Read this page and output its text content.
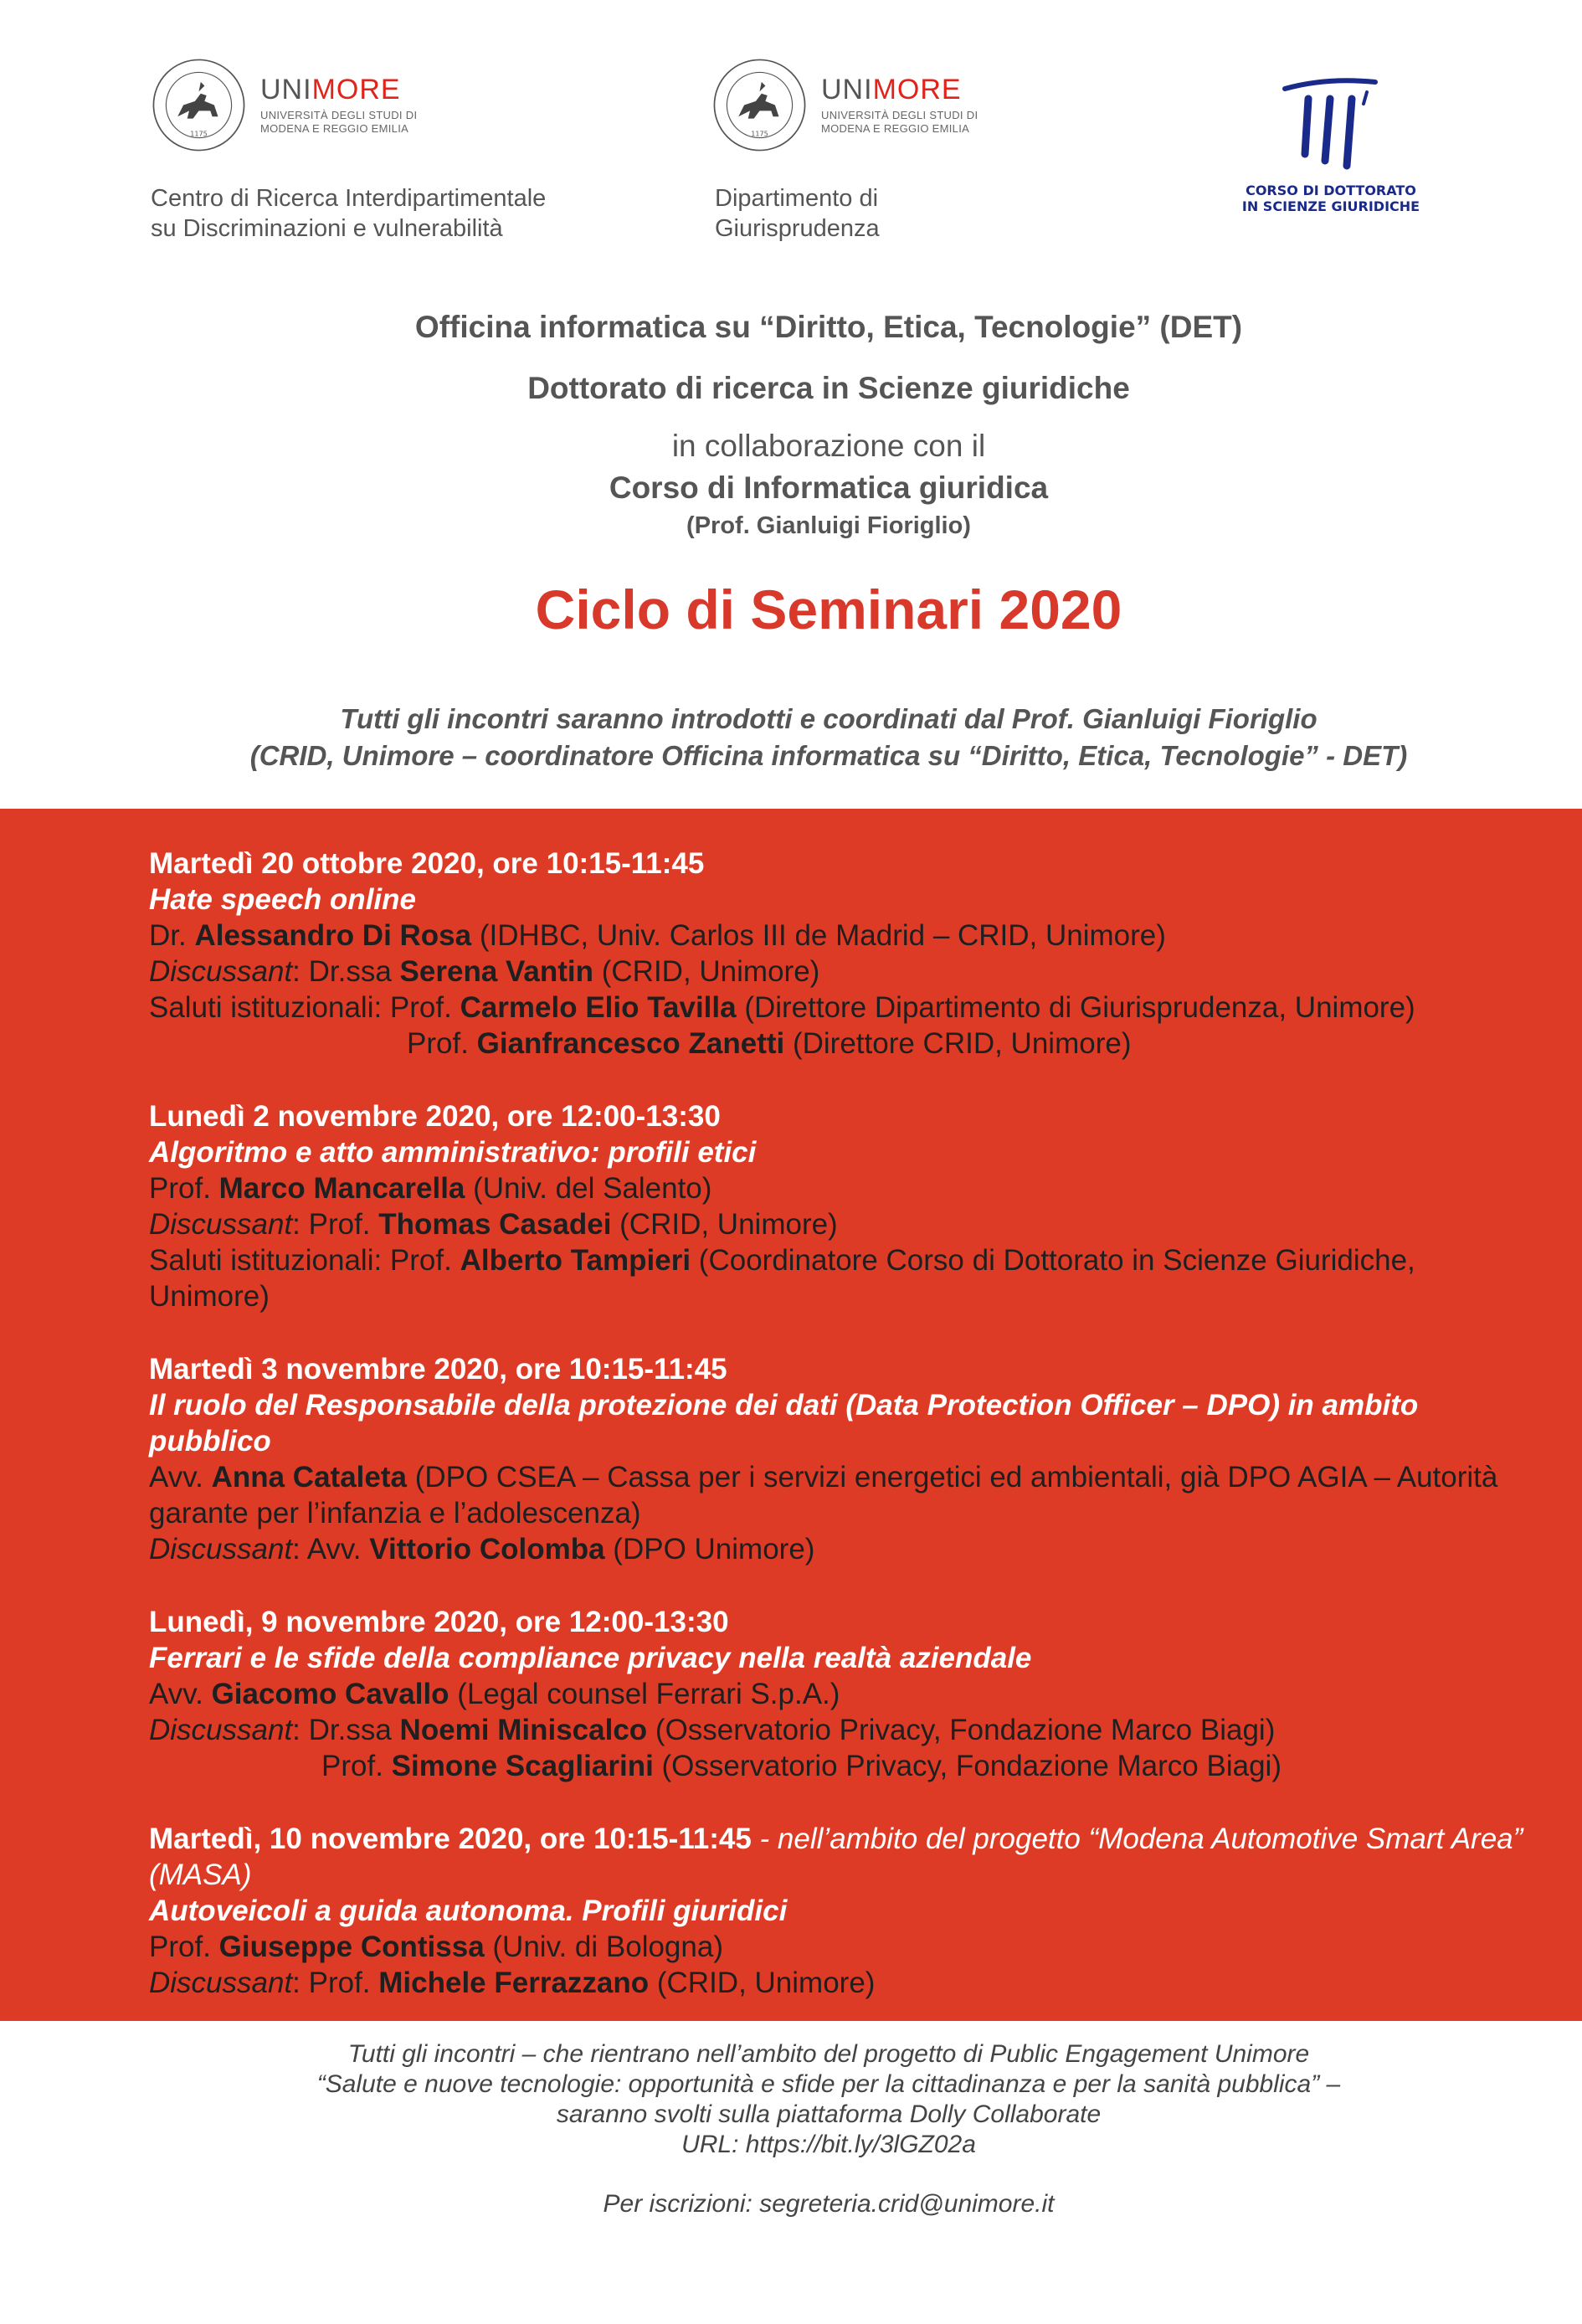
1175
UNIMORE
UNIVERSITÀ DEGLI STUDI DI
MODENA E REGGIO EMILIA
Centro di Ricerca Interdipartimentale
su Discriminazioni e vulnerabilità
1175
UNIMORE
UNIVERSITÀ DEGLI STUDI DI
MODENA E REGGIO EMILIA
Dipartimento di
Giurisprudenza
CORSO DI DOTTORATO
IN SCIENZE GIURIDICHE
Officina informatica su “Diritto, Etica, Tecnologie” (DET)
Dottorato di ricerca in Scienze giuridiche
in collaborazione con il
Corso di Informatica giuridica
(Prof. Gianluigi Fioriglio)
Ciclo di Seminari 2020
Tutti gli incontri saranno introdotti e coordinati dal Prof. Gianluigi Fioriglio
(CRID, Unimore – coordinatore Officina informatica su “Diritto, Etica, Tecnologie” - DET)
Martedì 20 ottobre 2020, ore 10:15-11:45
Hate speech online
Dr. Alessandro Di Rosa (IDHBC, Univ. Carlos III de Madrid – CRID, Unimore)
Discussant: Dr.ssa Serena Vantin (CRID, Unimore)
Saluti istituzionali: Prof. Carmelo Elio Tavilla (Direttore Dipartimento di Giurisprudenza, Unimore)
Prof. Gianfrancesco Zanetti (Direttore CRID, Unimore)
Lunedì 2 novembre 2020, ore 12:00-13:30
Algoritmo e atto amministrativo: profili etici
Prof. Marco Mancarella (Univ. del Salento)
Discussant: Prof. Thomas Casadei (CRID, Unimore)
Saluti istituzionali: Prof. Alberto Tampieri (Coordinatore Corso di Dottorato in Scienze Giuridiche, Unimore)
Martedì 3 novembre 2020, ore 10:15-11:45
Il ruolo del Responsabile della protezione dei dati (Data Protection Officer – DPO) in ambito pubblico
Avv. Anna Cataleta (DPO CSEA – Cassa per i servizi energetici ed ambientali, già DPO AGIA – Autorità garante per l’infanzia e l’adolescenza)
Discussant: Avv. Vittorio Colomba (DPO Unimore)
Lunedì, 9 novembre 2020, ore 12:00-13:30
Ferrari e le sfide della compliance privacy nella realtà aziendale
Avv. Giacomo Cavallo (Legal counsel Ferrari S.p.A.)
Discussant: Dr.ssa Noemi Miniscalco (Osservatorio Privacy, Fondazione Marco Biagi)
Prof. Simone Scagliarini (Osservatorio Privacy, Fondazione Marco Biagi)
Martedì, 10 novembre 2020, ore 10:15-11:45 - nell’ambito del progetto “Modena Automotive Smart Area” (MASA)
Autoveicoli a guida autonoma. Profili giuridici
Prof. Giuseppe Contissa (Univ. di Bologna)
Discussant: Prof. Michele Ferrazzano (CRID, Unimore)
Tutti gli incontri – che rientrano nell’ambito del progetto di Public Engagement Unimore
“Salute e nuove tecnologie: opportunità e sfide per la cittadinanza e per la sanità pubblica” –
saranno svolti sulla piattaforma Dolly Collaborate
URL: https://bit.ly/3lGZ02a
Per iscrizioni: segreteria.crid@unimore.it
